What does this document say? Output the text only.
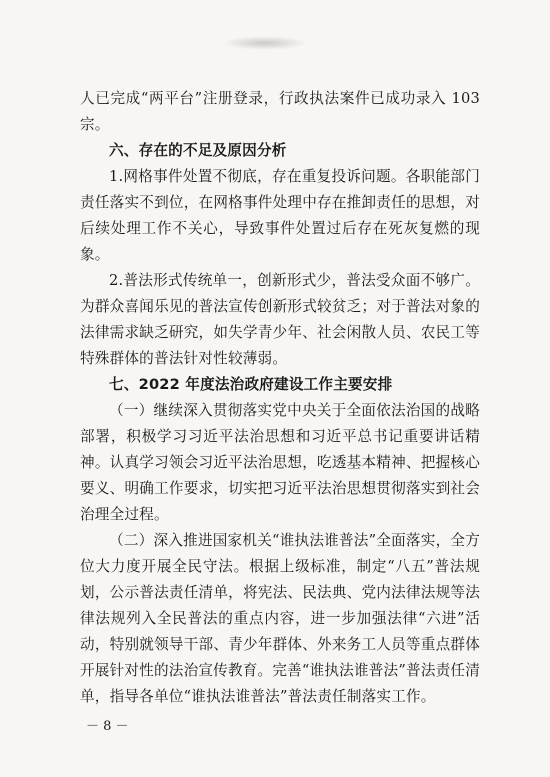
人已完成“两平台”注册登录，行政执法案件已成功录入 103 宗。

六、存在的不足及原因分析

1.网格事件处置不彻底，存在重复投诉问题。各职能部门责任落实不到位，在网格事件处理中存在推卸责任的思想，对后续处理工作不关心，导致事件处置过后存在死灰复燃的现象。

2.普法形式传统单一，创新形式少，普法受众面不够广。为群众喜闻乐见的普法宣传创新形式较贫乏；对于普法对象的法律需求缺乏研究，如失学青少年、社会闲散人员、农民工等特殊群体的普法针对性较薄弱。

七、2022 年度法治政府建设工作主要安排

（一）继续深入贯彻落实党中央关于全面依法治国的战略部署，积极学习习近平法治思想和习近平总书记重要讲话精神。认真学习领会习近平法治思想，吃透基本精神、把握核心要义、明确工作要求，切实把习近平法治思想贯彻落实到社会治理全过程。

（二）深入推进国家机关“谁执法谁普法”全面落实，全方位大力度开展全民守法。根据上级标准，制定“八五”普法规划，公示普法责任清单，将宪法、民法典、党内法律法规等法律法规列入全民普法的重点内容，进一步加强法律“六进”活动，特别就领导干部、青少年群体、外来务工人员等重点群体开展针对性的法治宣传教育。完善“谁执法谁普法”普法责任清单，指导各单位“谁执法谁普法”普法责任制落实工作。

－ 8 －
